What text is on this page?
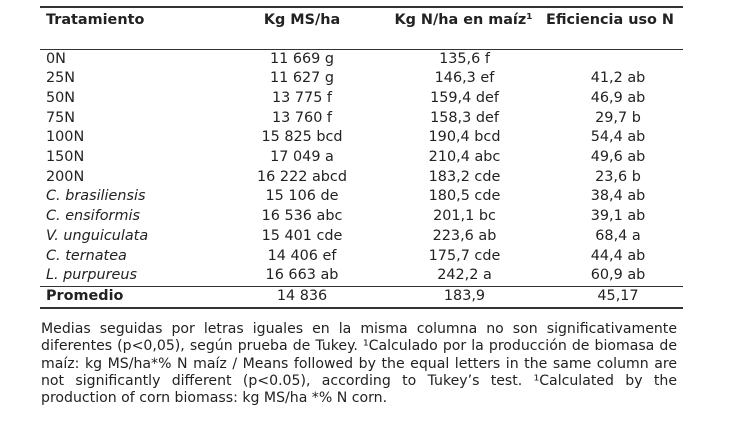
Tratamiento	Kg MS/ha	Kg N/ha en maíz¹	Eficiencia uso N
0N	11 669 g	135,6 f	
25N	11 627 g	146,3 ef	41,2 ab
50N	13 775 f	159,4 def	46,9 ab
75N	13 760 f	158,3 def	29,7 b
100N	15 825 bcd	190,4 bcd	54,4 ab
150N	17 049 a	210,4 abc	49,6 ab
200N	16 222 abcd	183,2 cde	23,6 b
C. brasiliensis	15 106 de	180,5 cde	38,4 ab
C. ensiformis	16 536 abc	201,1 bc	39,1 ab
V. unguiculata	15 401 cde	223,6 ab	68,4 a
C. ternatea	14 406 ef	175,7 cde	44,4 ab
L. purpureus	16 663 ab	242,2 a	60,9 ab
Promedio	14 836	183,9	45,17

Medias seguidas por letras iguales en la misma columna no son significativamente diferentes (p<0,05), según prueba de Tukey. ¹Calculado por la producción de biomasa de maíz: kg MS/ha*% N maíz / Means followed by the equal letters in the same column are not significantly different (p<0.05), according to Tukey’s test. ¹Calculated by the production of corn biomass: kg MS/ha *% N corn.
